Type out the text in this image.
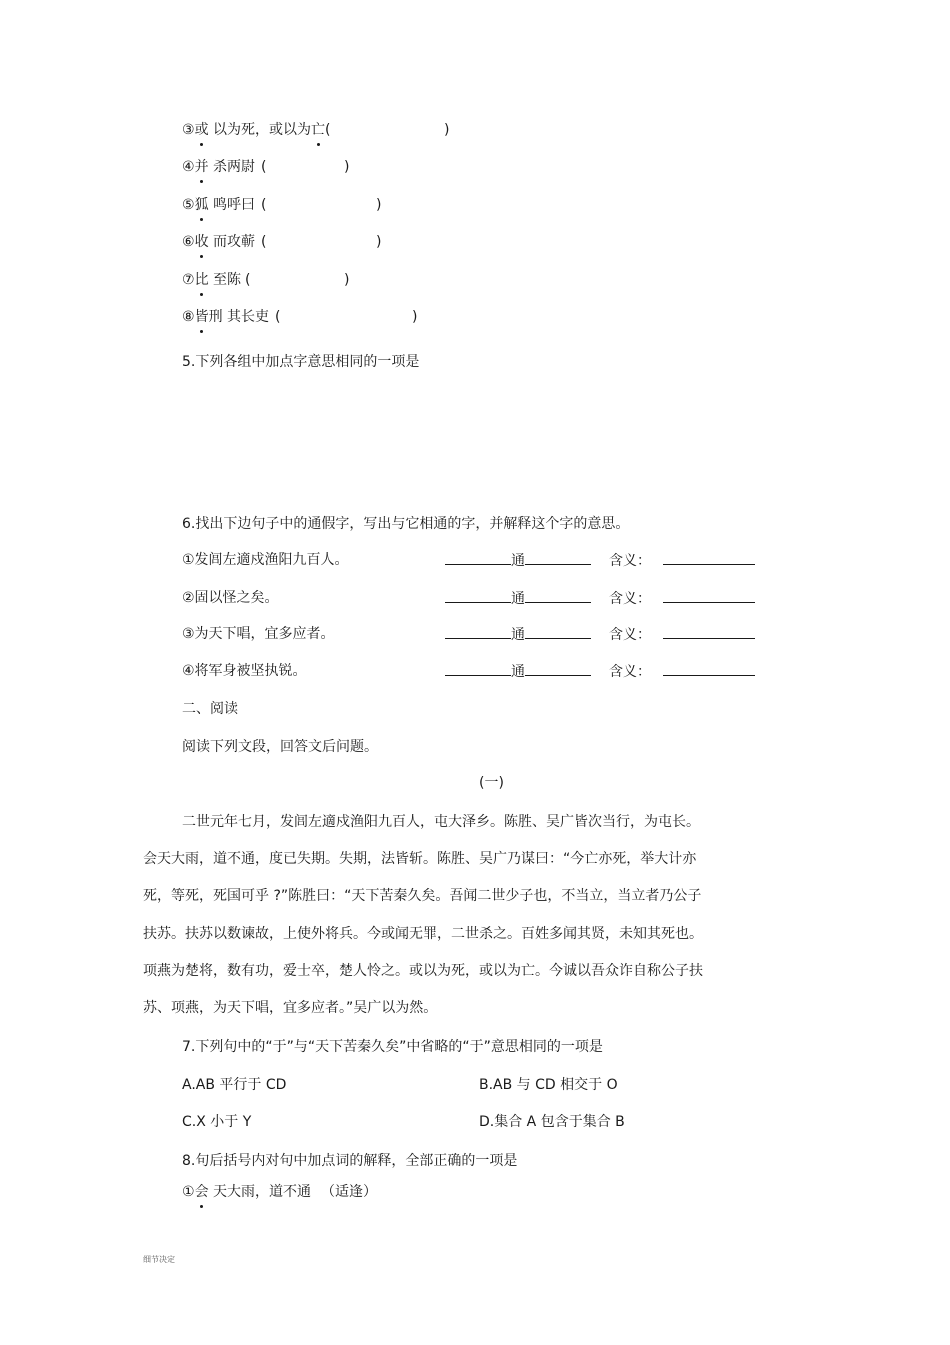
③或 以为死，或以为亡(	)
④并 杀两尉 (	)
⑤狐 鸣呼曰 (	)
⑥收 而攻蕲 (	)
⑦比 至陈 (	)
⑧皆刑 其长吏 (	)
5.下列各组中加点字意思相同的一项是
6.找出下边句子中的通假字，写出与它相通的字，并解释这个字的意思。
①发闾左適戍渔阳九百人。	通	含义：
②固以怪之矣。	通	含义：
③为天下唱，宜多应者。	通	含义：
④将军身被坚执锐。	通	含义：
二、阅读
阅读下列文段，回答文后问题。
(一)
二世元年七月，发闾左適戍渔阳九百人，屯大泽乡。陈胜、吴广皆次当行，为屯长。
会天大雨，道不通，度已失期。失期，法皆斩。陈胜、吴广乃谋曰：“今亡亦死，举大计亦
死，等死，死国可乎 ?”陈胜曰：“天下苦秦久矣。吾闻二世少子也，不当立，当立者乃公子
扶苏。扶苏以数谏故，上使外将兵。今或闻无罪，二世杀之。百姓多闻其贤，未知其死也。
项燕为楚将，数有功，爱士卒，楚人怜之。或以为死，或以为亡。今诚以吾众诈自称公子扶
苏、项燕，为天下唱，宜多应者。”吴广以为然。
7.下列句中的“于”与“天下苦秦久矣”中省略的“于”意思相同的一项是
A.AB 平行于 CD	B.AB 与 CD 相交于 O
C.X 小于 Y	D.集合 A 包含于集合 B
8.句后括号内对句中加点词的解释，全部正确的一项是
①会 天大雨，道不通 （适逢）
细节决定
